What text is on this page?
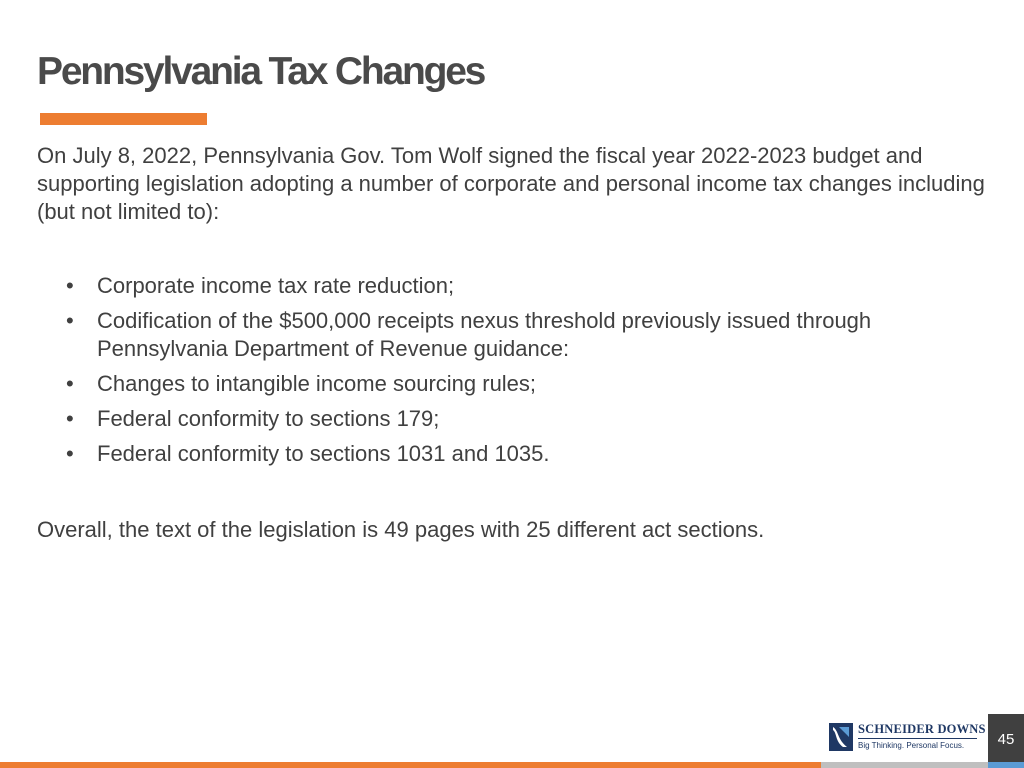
Pennsylvania Tax Changes

On July 8, 2022, Pennsylvania Gov. Tom Wolf signed the fiscal year 2022-2023 budget and supporting legislation adopting a number of corporate and personal income tax changes including (but not limited to):

• Corporate income tax rate reduction;
• Codification of the $500,000 receipts nexus threshold previously issued through Pennsylvania Department of Revenue guidance:
• Changes to intangible income sourcing rules;
• Federal conformity to sections 179;
• Federal conformity to sections 1031 and 1035.

Overall, the text of the legislation is 49 pages with 25 different act sections.

SCHNEIDER DOWNS
Big Thinking. Personal Focus.	45
